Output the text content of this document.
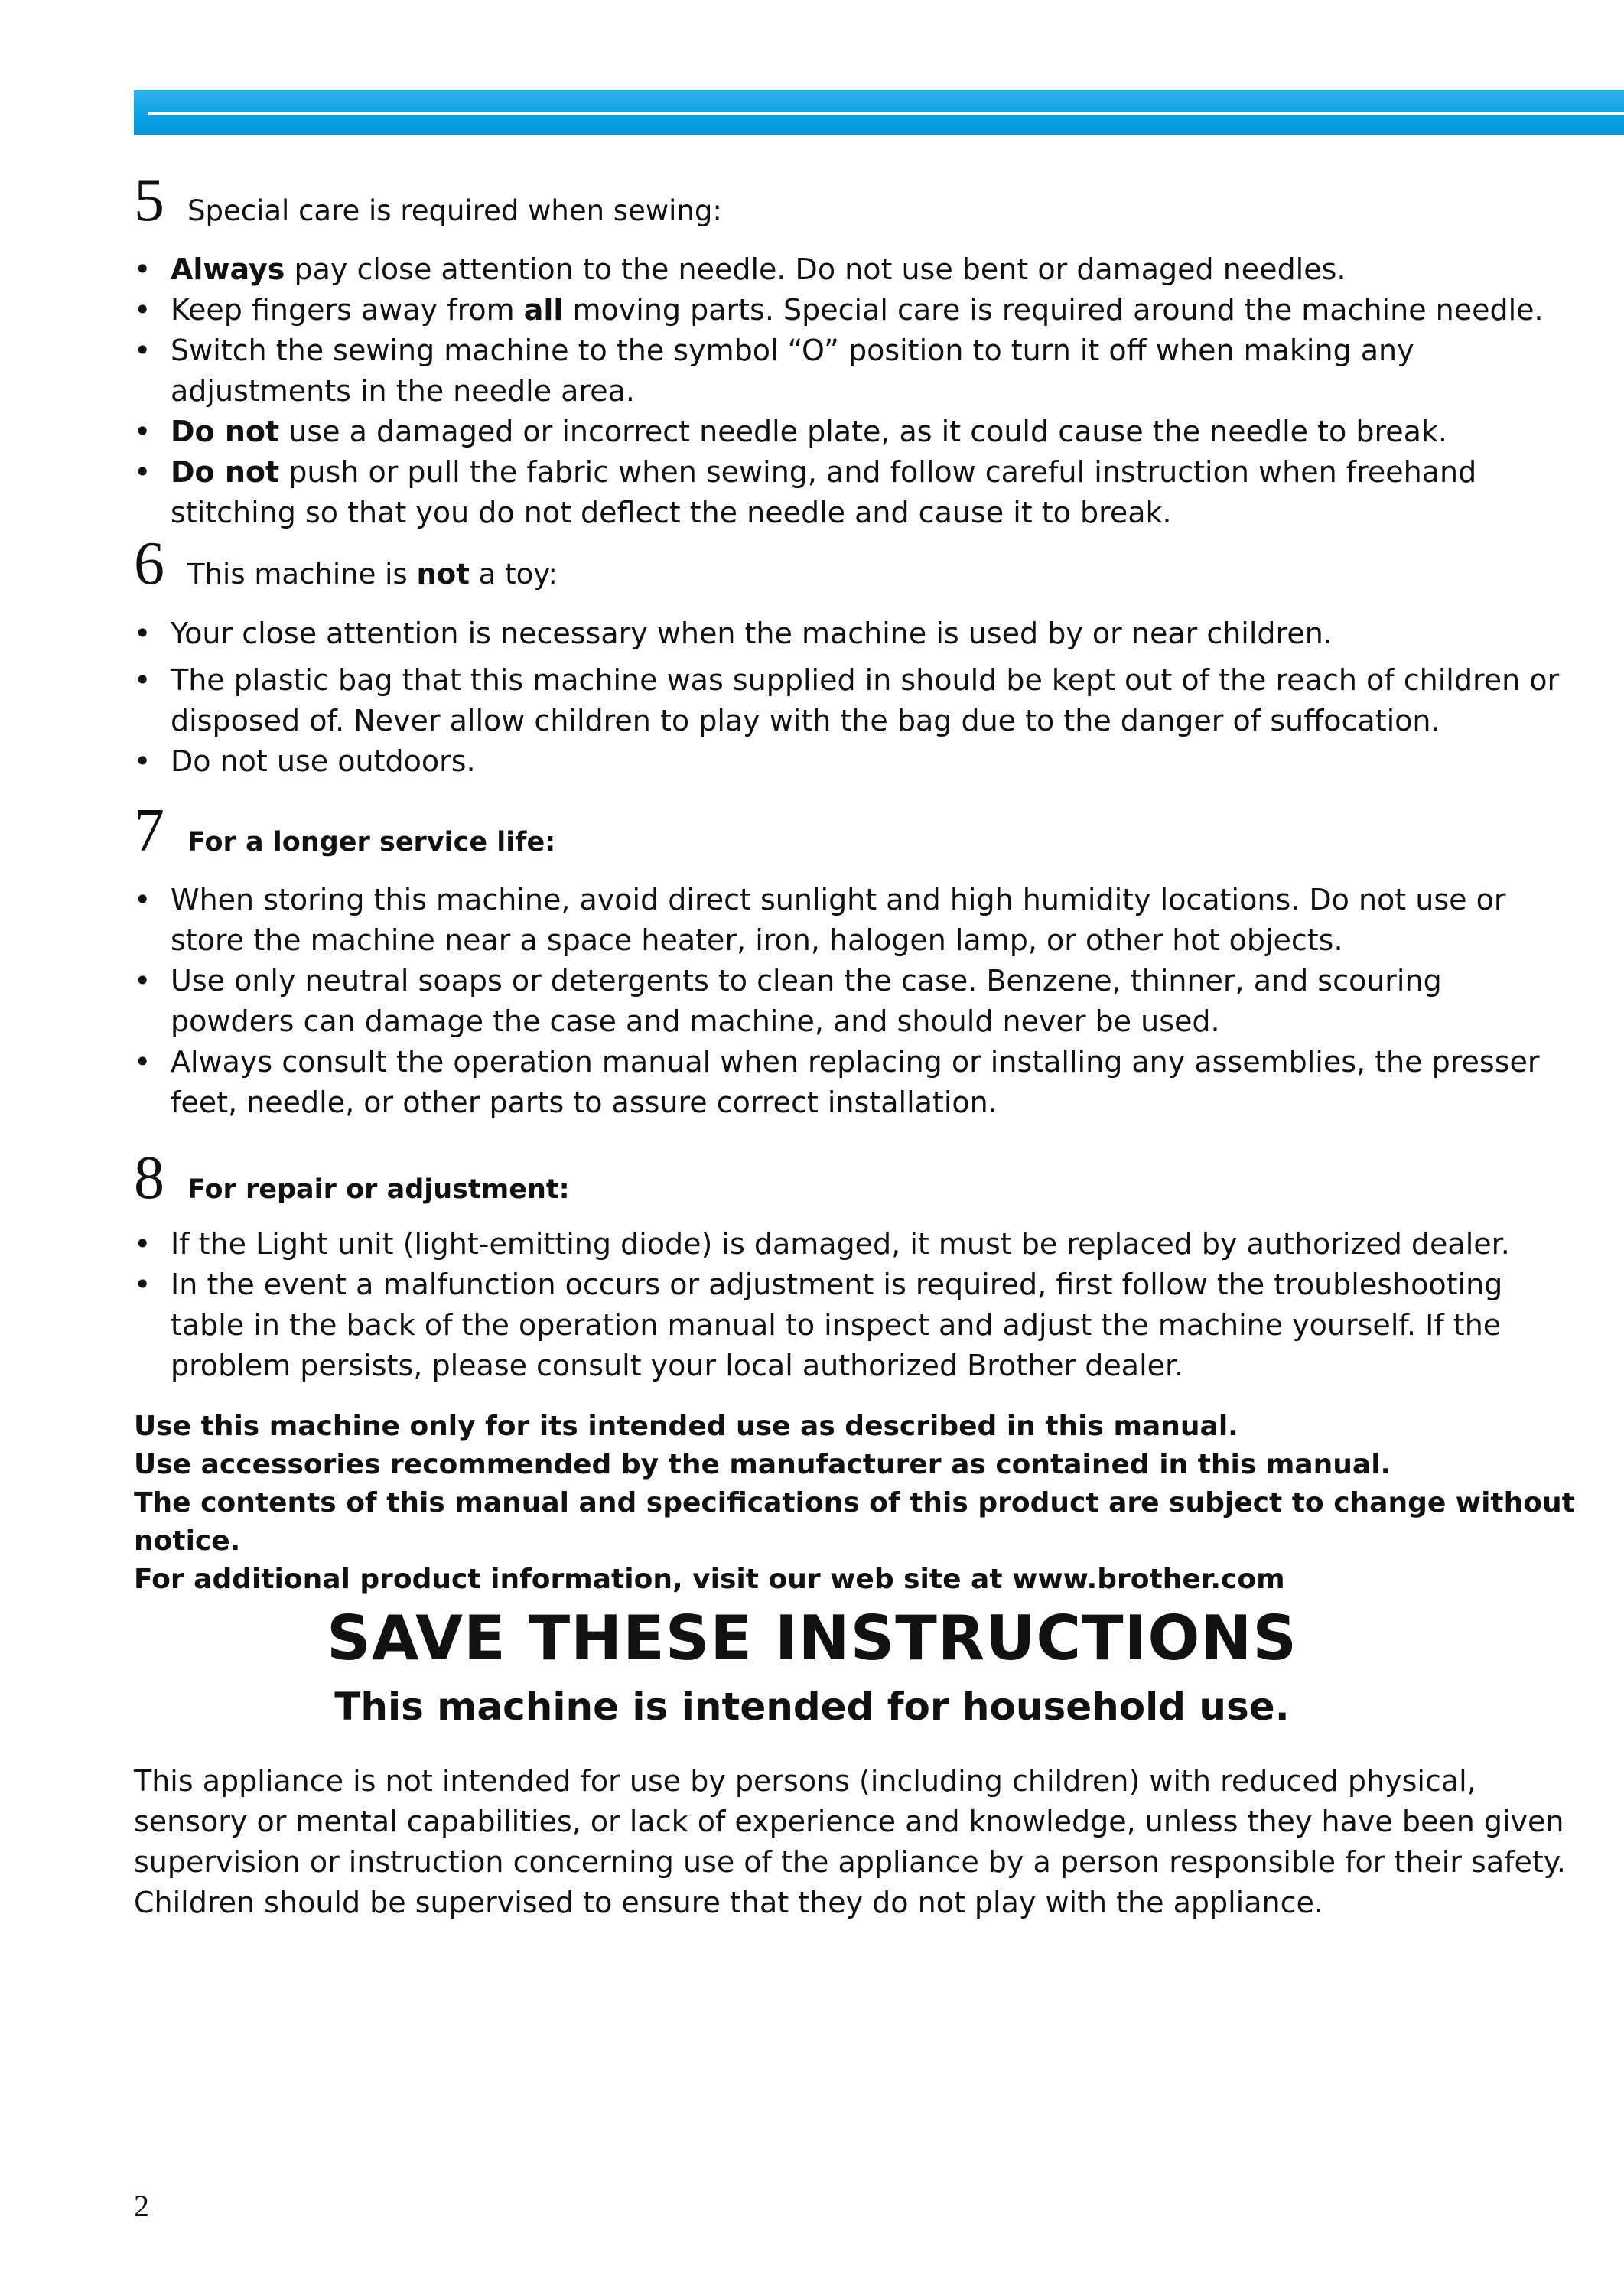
5 Special care is required when sewing:
• Always pay close attention to the needle. Do not use bent or damaged needles.
• Keep fingers away from all moving parts. Special care is required around the machine needle.
• Switch the sewing machine to the symbol “O” position to turn it off when making any adjustments in the needle area.
• Do not use a damaged or incorrect needle plate, as it could cause the needle to break.
• Do not push or pull the fabric when sewing, and follow careful instruction when freehand stitching so that you do not deflect the needle and cause it to break.
6 This machine is not a toy:
• Your close attention is necessary when the machine is used by or near children.
• The plastic bag that this machine was supplied in should be kept out of the reach of children or disposed of. Never allow children to play with the bag due to the danger of suffocation.
• Do not use outdoors.
7 For a longer service life:
• When storing this machine, avoid direct sunlight and high humidity locations. Do not use or store the machine near a space heater, iron, halogen lamp, or other hot objects.
• Use only neutral soaps or detergents to clean the case. Benzene, thinner, and scouring powders can damage the case and machine, and should never be used.
• Always consult the operation manual when replacing or installing any assemblies, the presser feet, needle, or other parts to assure correct installation.
8 For repair or adjustment:
• If the Light unit (light-emitting diode) is damaged, it must be replaced by authorized dealer.
• In the event a malfunction occurs or adjustment is required, first follow the troubleshooting table in the back of the operation manual to inspect and adjust the machine yourself. If the problem persists, please consult your local authorized Brother dealer.
Use this machine only for its intended use as described in this manual.
Use accessories recommended by the manufacturer as contained in this manual.
The contents of this manual and specifications of this product are subject to change without notice.
For additional product information, visit our web site at www.brother.com
SAVE THESE INSTRUCTIONS
This machine is intended for household use.

This appliance is not intended for use by persons (including children) with reduced physical, sensory or mental capabilities, or lack of experience and knowledge, unless they have been given supervision or instruction concerning use of the appliance by a person responsible for their safety. Children should be supervised to ensure that they do not play with the appliance.

2
